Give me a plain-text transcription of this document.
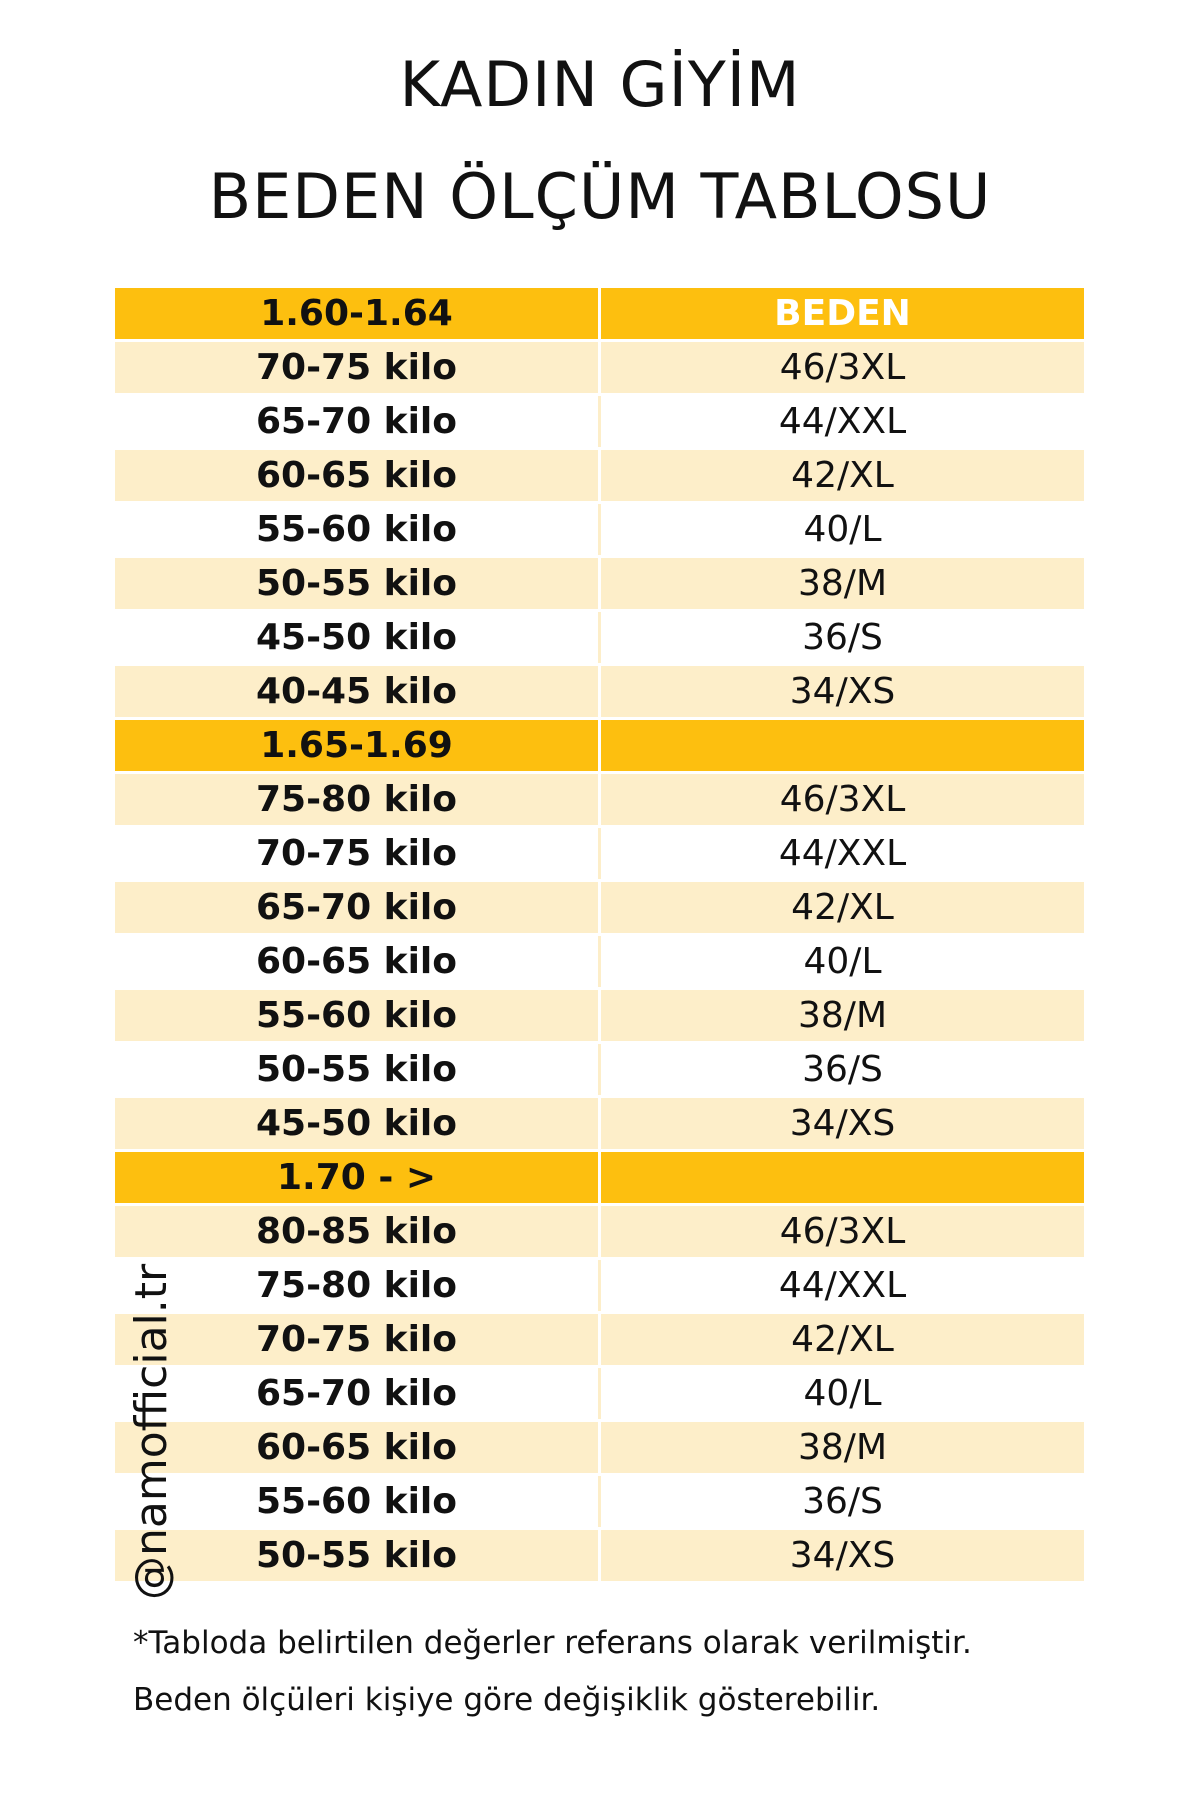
KADIN GİYİM
BEDEN ÖLÇÜM TABLOSU
1.60-1.64	BEDEN
70-75 kilo	46/3XL
65-70 kilo	44/XXL
60-65 kilo	42/XL
55-60 kilo	40/L
50-55 kilo	38/M
45-50 kilo	36/S
40-45 kilo	34/XS
1.65-1.69	
75-80 kilo	46/3XL
70-75 kilo	44/XXL
65-70 kilo	42/XL
60-65 kilo	40/L
55-60 kilo	38/M
50-55 kilo	36/S
45-50 kilo	34/XS
1.70 - >	
80-85 kilo	46/3XL
75-80 kilo	44/XXL
70-75 kilo	42/XL
65-70 kilo	40/L
60-65 kilo	38/M
55-60 kilo	36/S
50-55 kilo	34/XS
@namofficial.tr
*Tabloda belirtilen değerler referans olarak verilmiştir.
Beden ölçüleri kişiye göre değişiklik gösterebilir.
